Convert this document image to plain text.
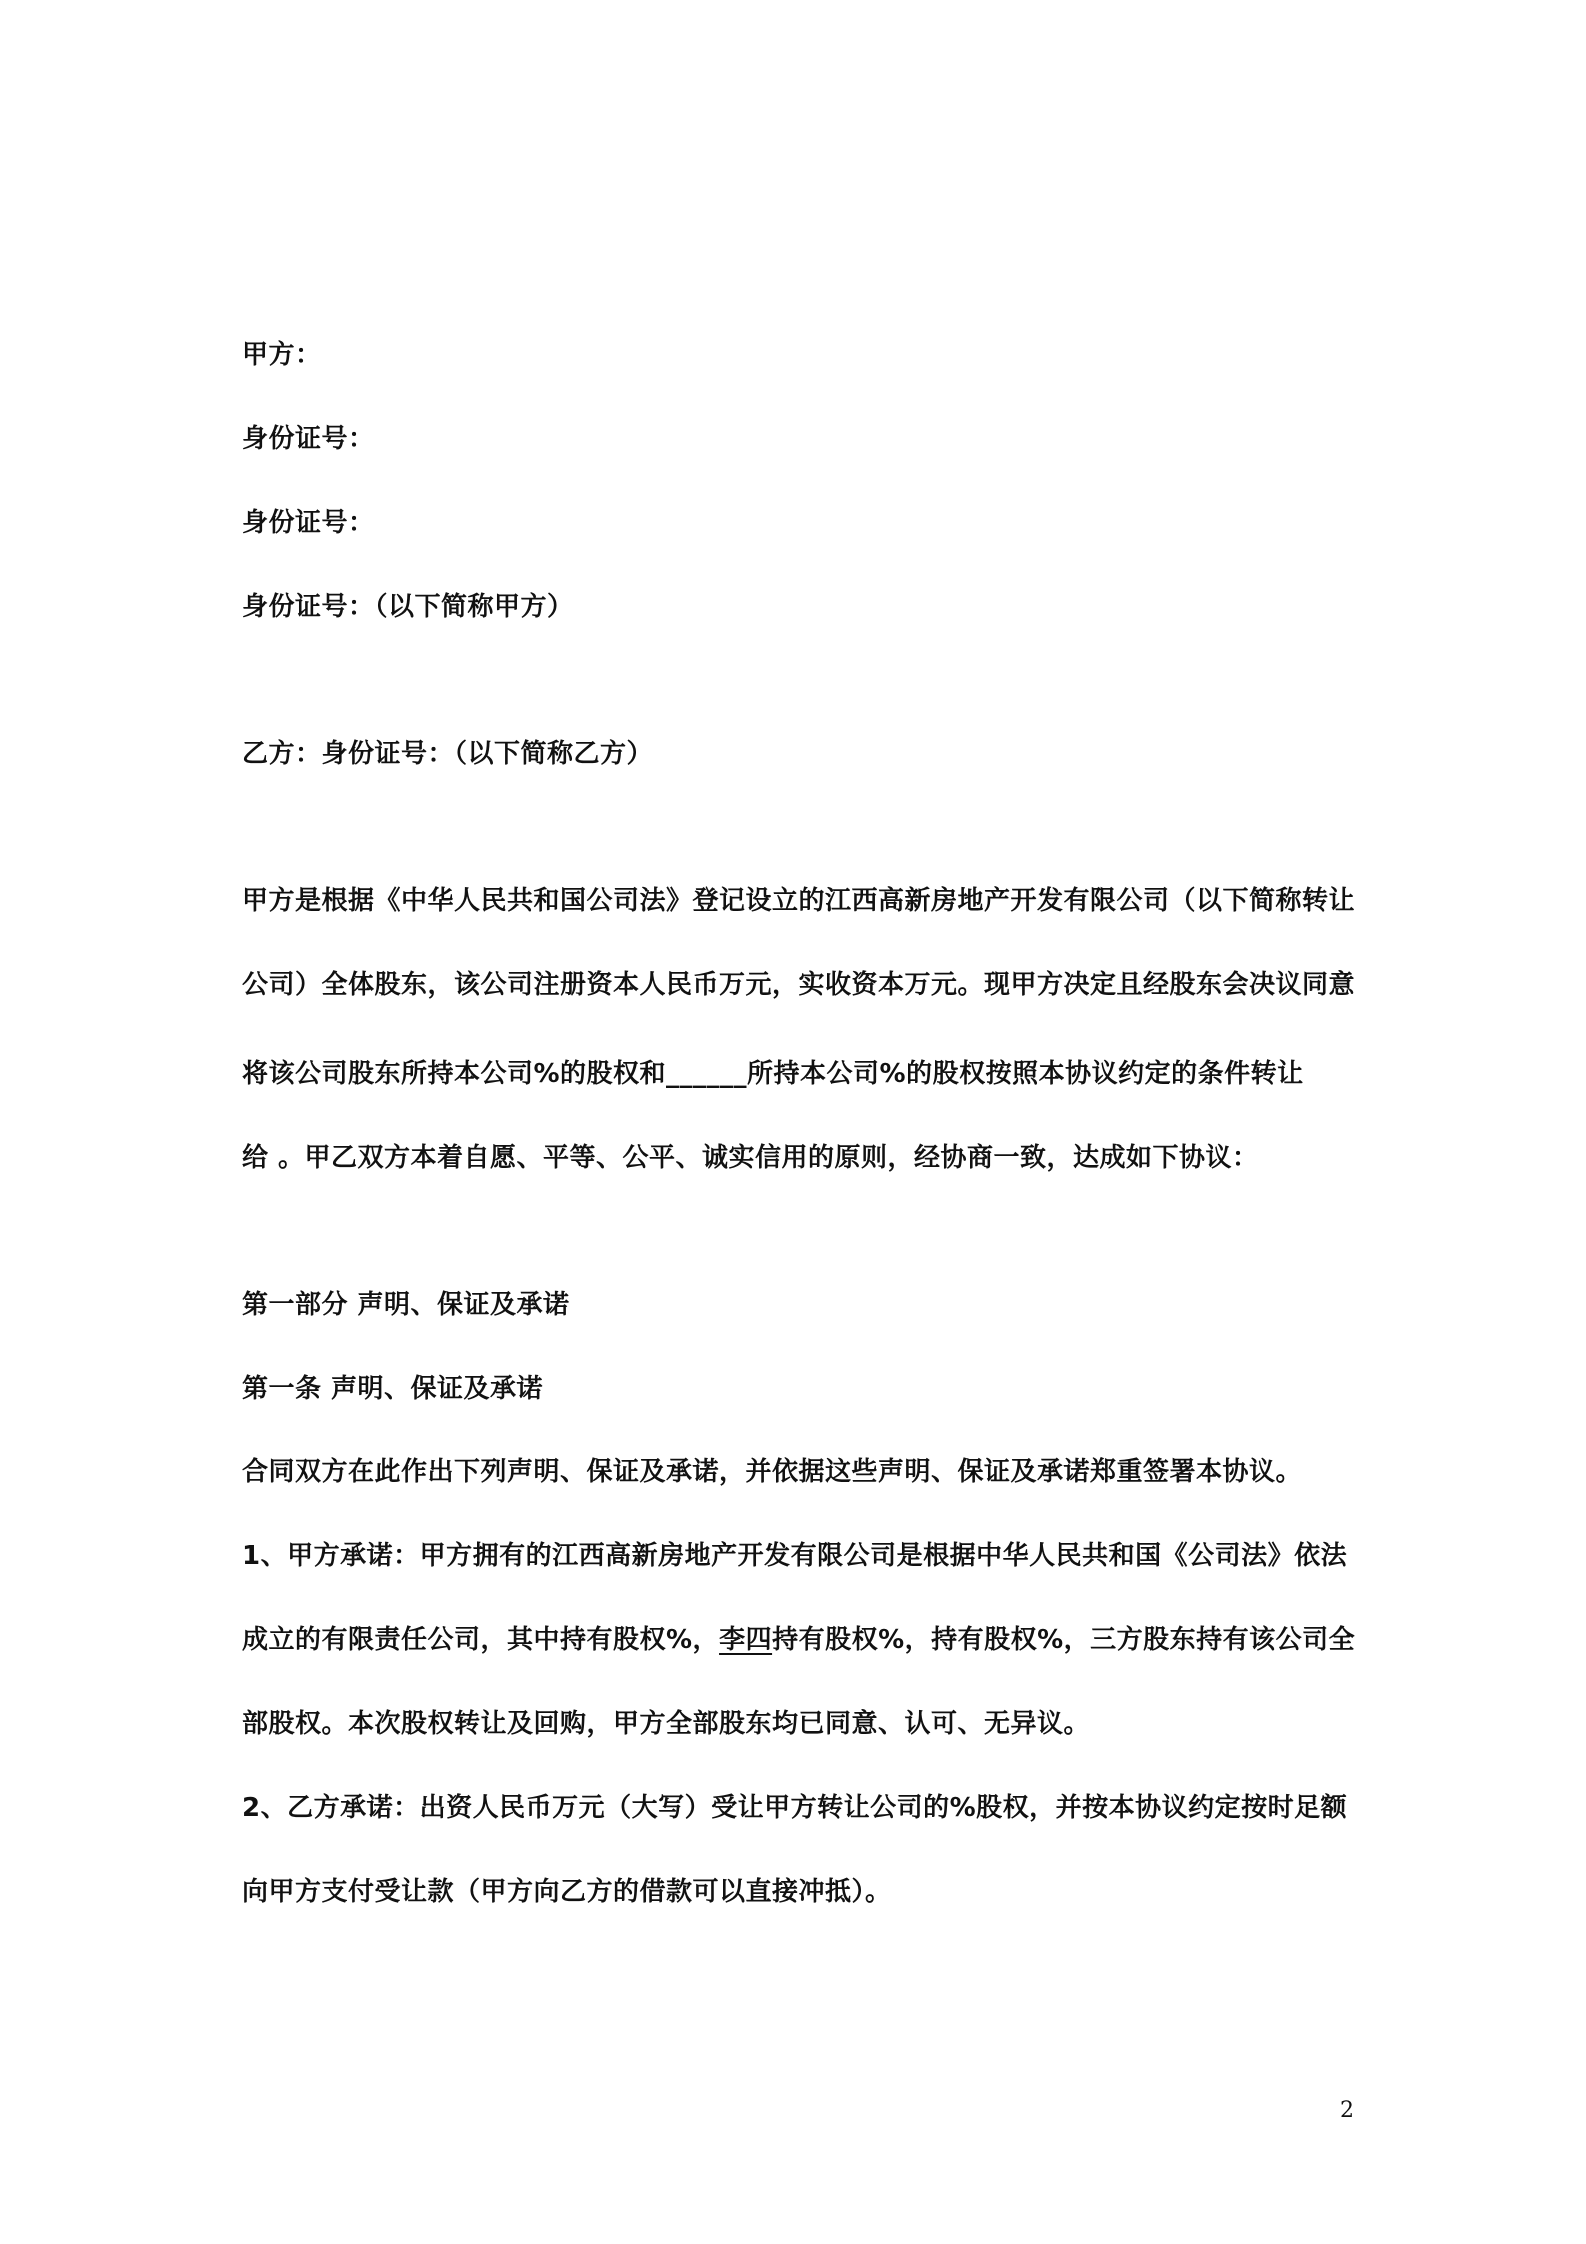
甲方：
身份证号：
身份证号：
身份证号：（以下简称甲方）
乙方：身份证号：（以下简称乙方）
甲方是根据《中华人民共和国公司法》登记设立的江西高新房地产开发有限公司（以下简称转让
公司）全体股东，该公司注册资本人民币万元，实收资本万元。现甲方决定且经股东会决议同意
将该公司股东所持本公司%的股权和______所持本公司%的股权按照本协议约定的条件转让
给 。甲乙双方本着自愿、平等、公平、诚实信用的原则，经协商一致，达成如下协议：
第一部分 声明、保证及承诺
第一条 声明、保证及承诺
合同双方在此作出下列声明、保证及承诺，并依据这些声明、保证及承诺郑重签署本协议。
1、甲方承诺：甲方拥有的江西高新房地产开发有限公司是根据中华人民共和国《公司法》依法
成立的有限责任公司，其中持有股权%，李四持有股权%，持有股权%，三方股东持有该公司全
部股权。本次股权转让及回购，甲方全部股东均已同意、认可、无异议。
2、乙方承诺：出资人民币万元（大写）受让甲方转让公司的%股权，并按本协议约定按时足额
向甲方支付受让款（甲方向乙方的借款可以直接冲抵）。
2
